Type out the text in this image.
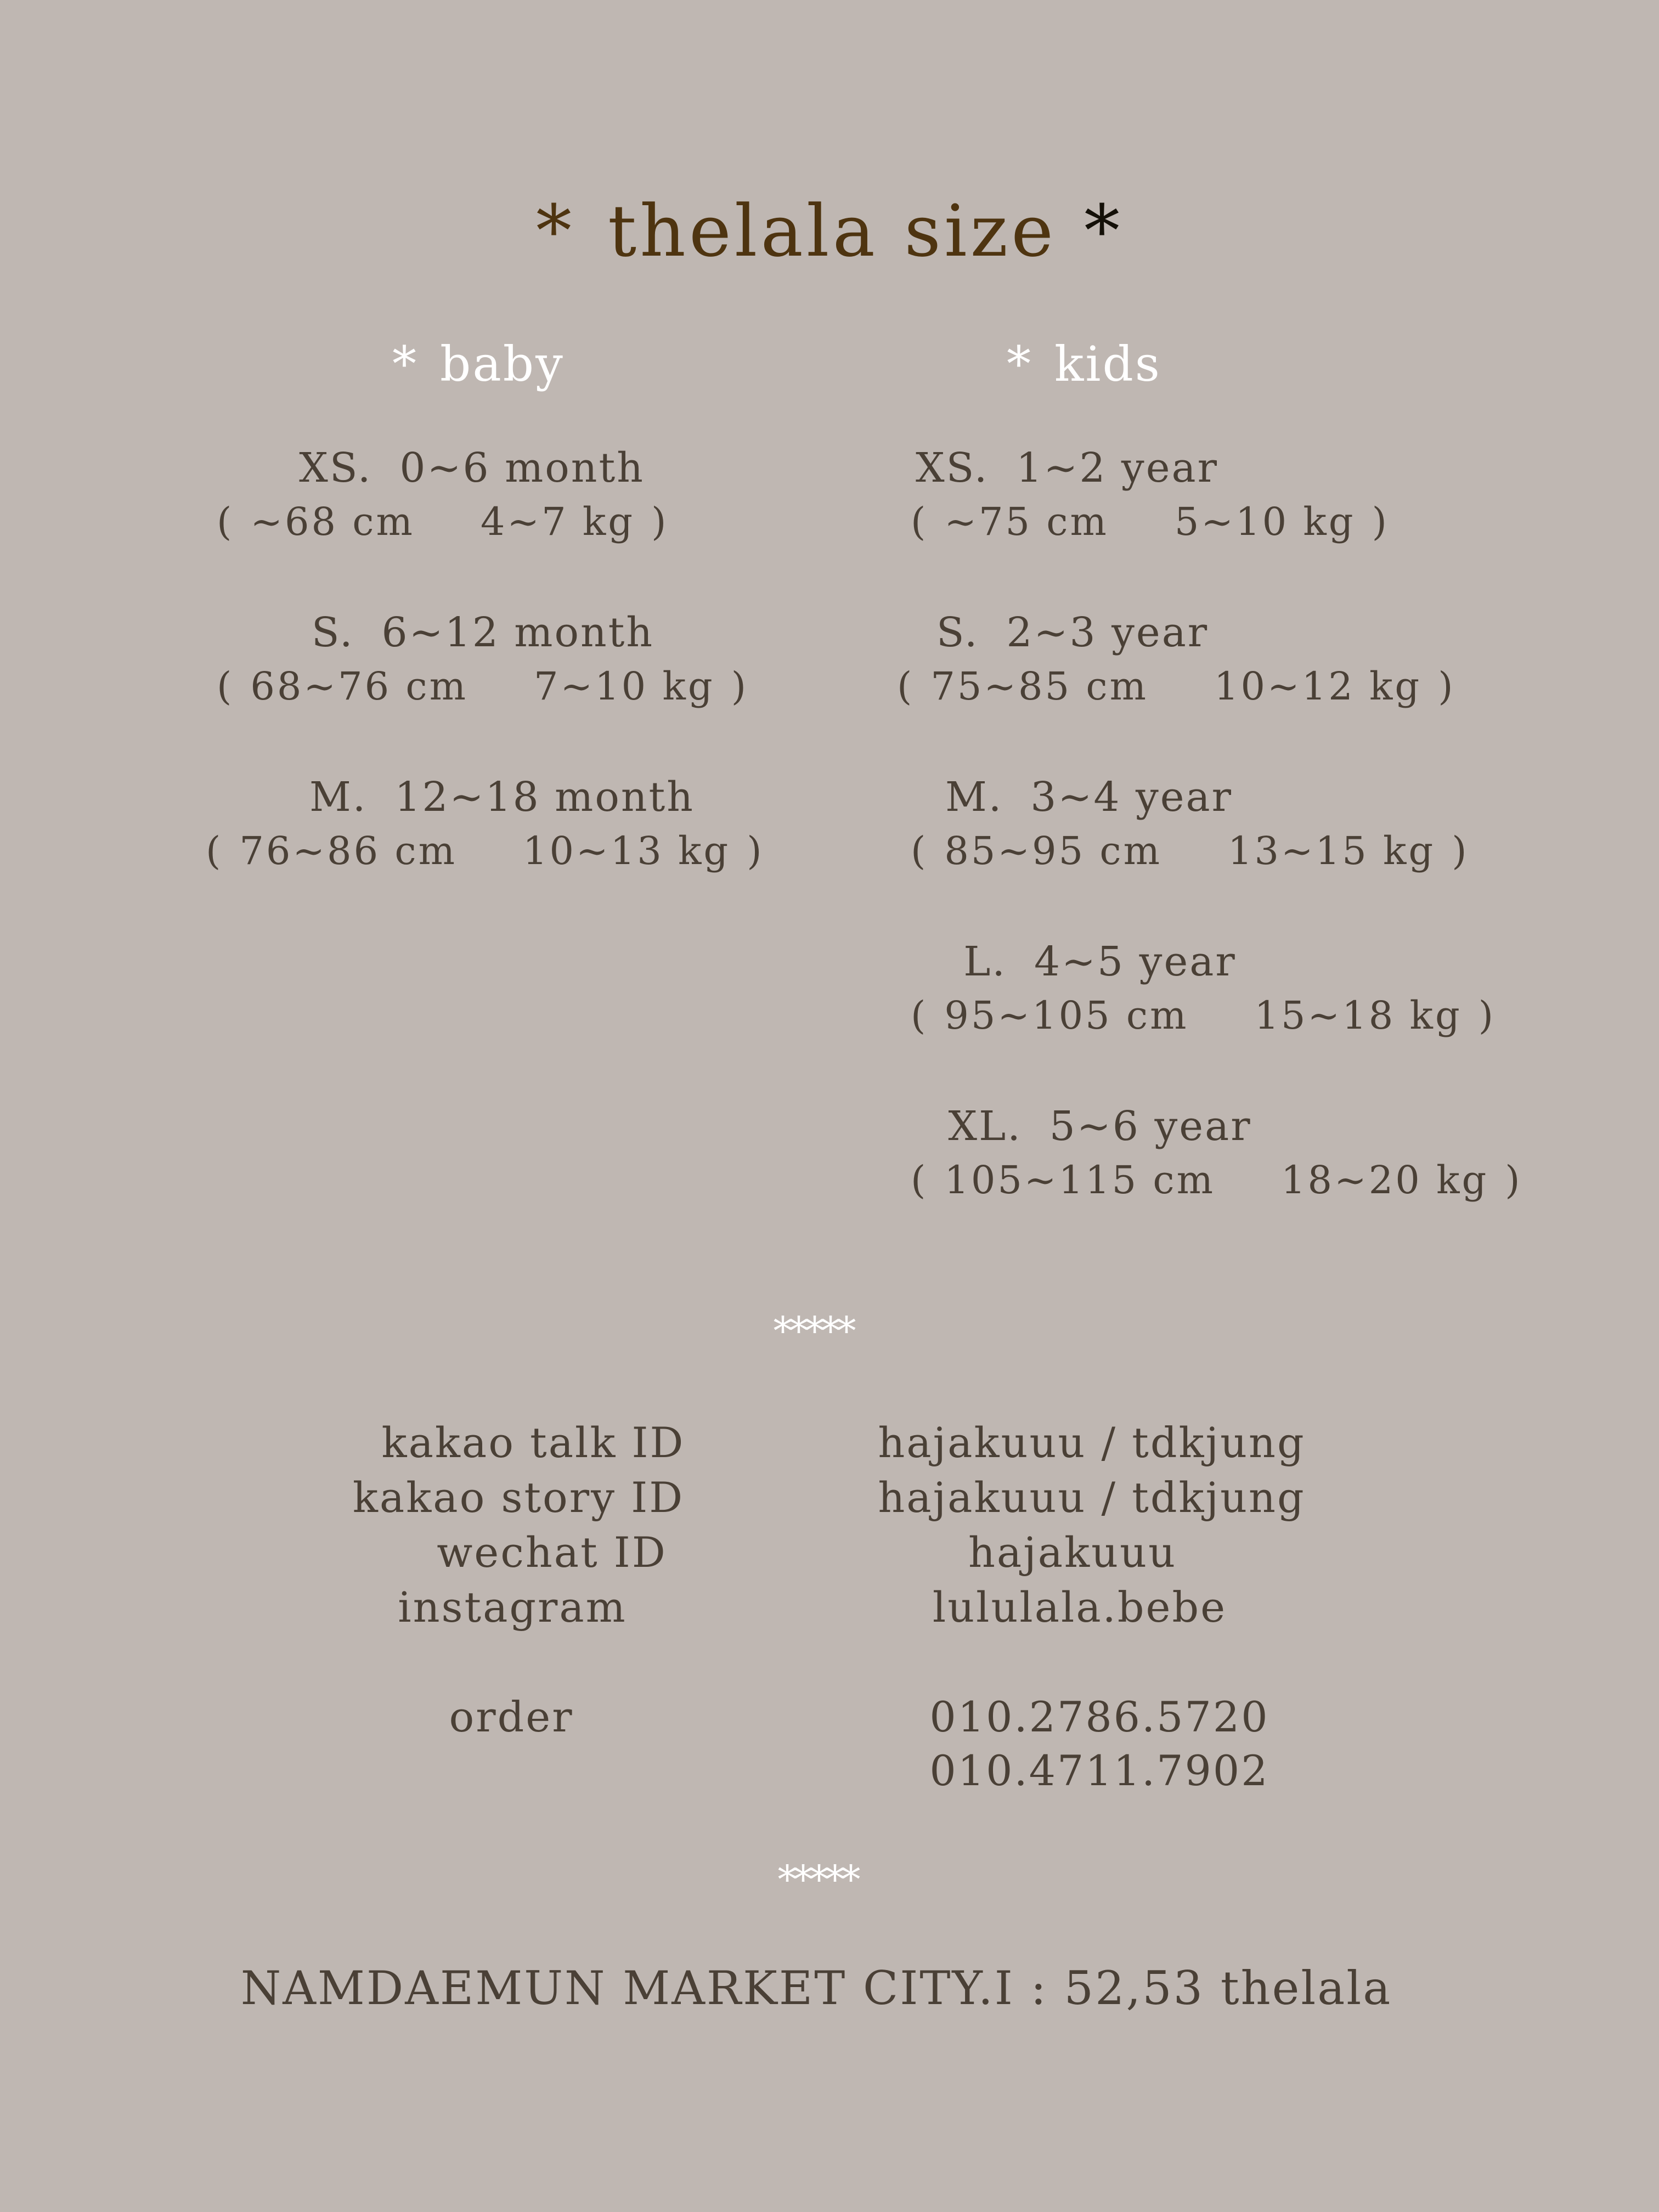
* thelala size *
* baby	* kids
XS. 0~6 month
( ~68 cm 4~7 kg )
S. 6~12 month
( 68~76 cm 7~10 kg )
M. 12~18 month
( 76~86 cm 10~13 kg )
XS. 1~2 year
( ~75 cm 5~10 kg )
S. 2~3 year
( 75~85 cm 10~12 kg )
M. 3~4 year
( 85~95 cm 13~15 kg )
L. 4~5 year
( 95~105 cm 15~18 kg )
XL. 5~6 year
( 105~115 cm 18~20 kg )
*****
kakao talk ID	hajakuuu / tdkjung
kakao story ID	hajakuuu / tdkjung
wechat ID	hajakuuu
instagram	lululala.bebe
order	010.2786.5720
010.4711.7902
*****
NAMDAEMUN MARKET CITY.I : 52,53 thelala
